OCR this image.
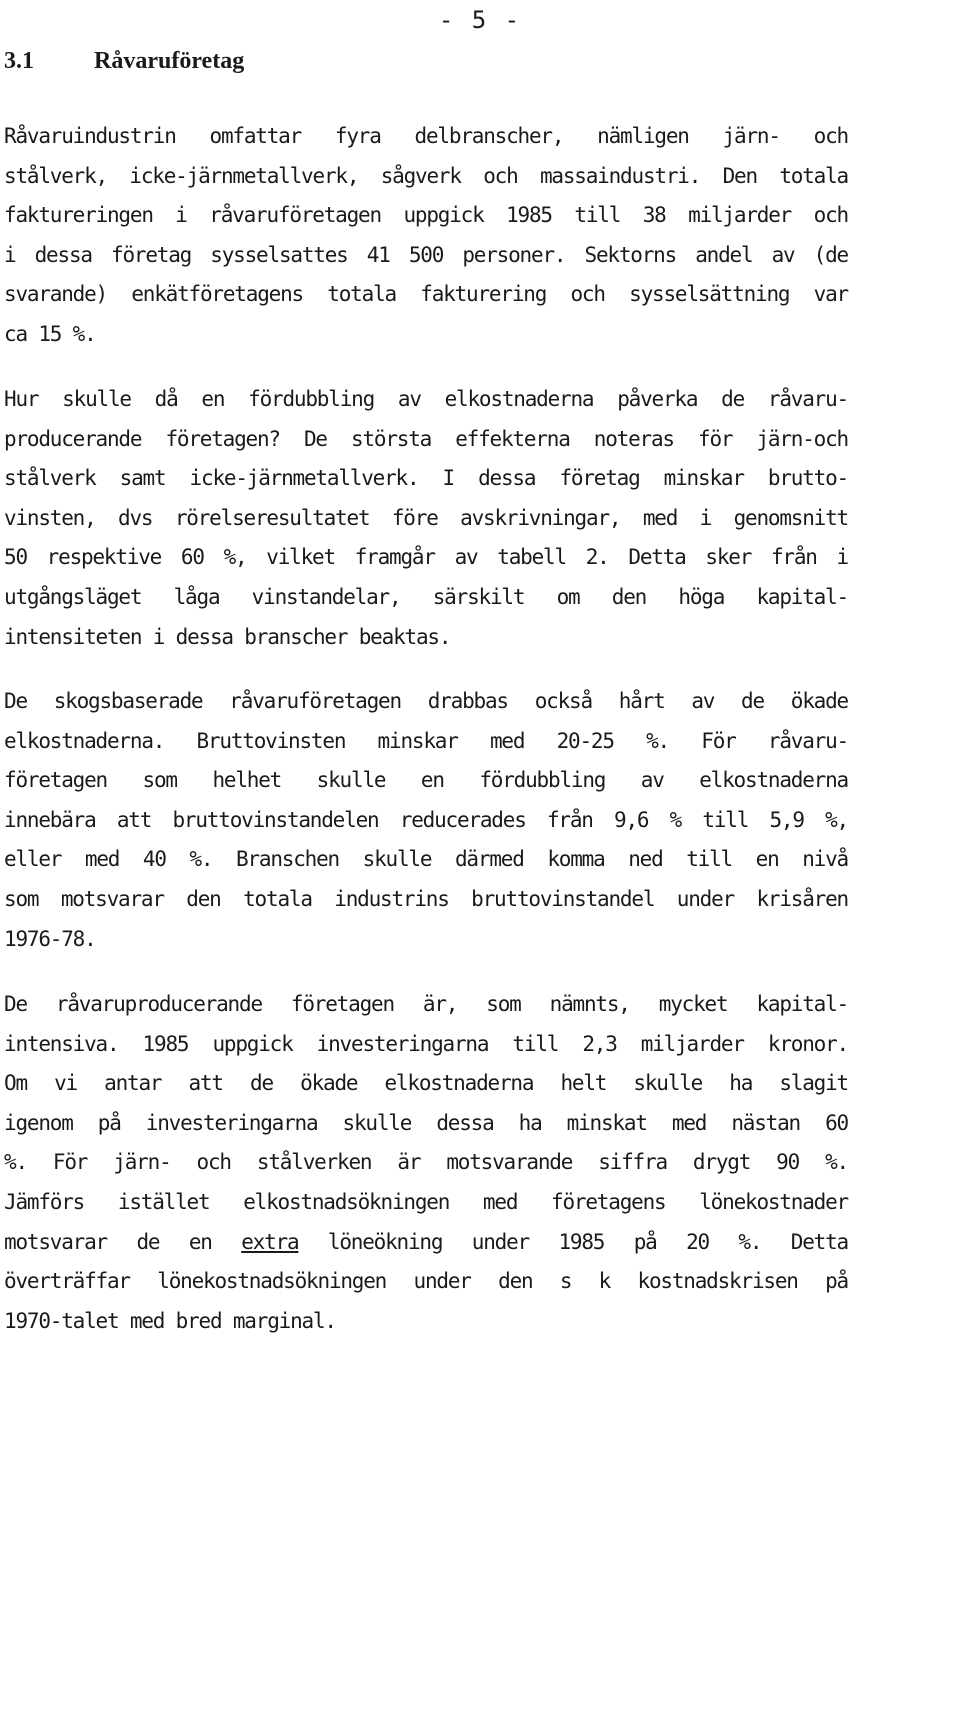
- 5 -
3.1	Råvaruföretag
Råvaruindustrin omfattar fyra delbranscher, nämligen järn- och
stålverk, icke-järnmetallverk, sågverk och massaindustri. Den totala
faktureringen i råvaruföretagen uppgick 1985 till 38 miljarder och
i dessa företag sysselsattes 41 500 personer. Sektorns andel av (de
svarande) enkätföretagens totala fakturering och sysselsättning var
ca 15 %.
Hur skulle då en fördubbling av elkostnaderna påverka de råvaru-
producerande företagen? De största effekterna noteras för järn-och
stålverk samt icke-järnmetallverk. I dessa företag minskar brutto-
vinsten, dvs rörelseresultatet före avskrivningar, med i genomsnitt
50 respektive 60 %, vilket framgår av tabell 2. Detta sker från i
utgångsläget låga vinstandelar, särskilt om den höga kapital-
intensiteten i dessa branscher beaktas.
De skogsbaserade råvaruföretagen drabbas också hårt av de ökade
elkostnaderna. Bruttovinsten minskar med 20-25 %. För råvaru-
företagen som helhet skulle en fördubbling av elkostnaderna
innebära att bruttovinstandelen reducerades från 9,6 % till 5,9 %,
eller med 40 %. Branschen skulle därmed komma ned till en nivå
som motsvarar den totala industrins bruttovinstandel under krisåren
1976-78.
De råvaruproducerande företagen är, som nämnts, mycket kapital-
intensiva. 1985 uppgick investeringarna till 2,3 miljarder kronor.
Om vi antar att de ökade elkostnaderna helt skulle ha slagit
igenom på investeringarna skulle dessa ha minskat med nästan 60
%. För järn- och stålverken är motsvarande siffra drygt 90 %.
Jämförs istället elkostnadsökningen med företagens lönekostnader
motsvarar de en extra löneökning under 1985 på 20 %. Detta
överträffar lönekostnadsökningen under den s k kostnadskrisen på
1970-talet med bred marginal.
